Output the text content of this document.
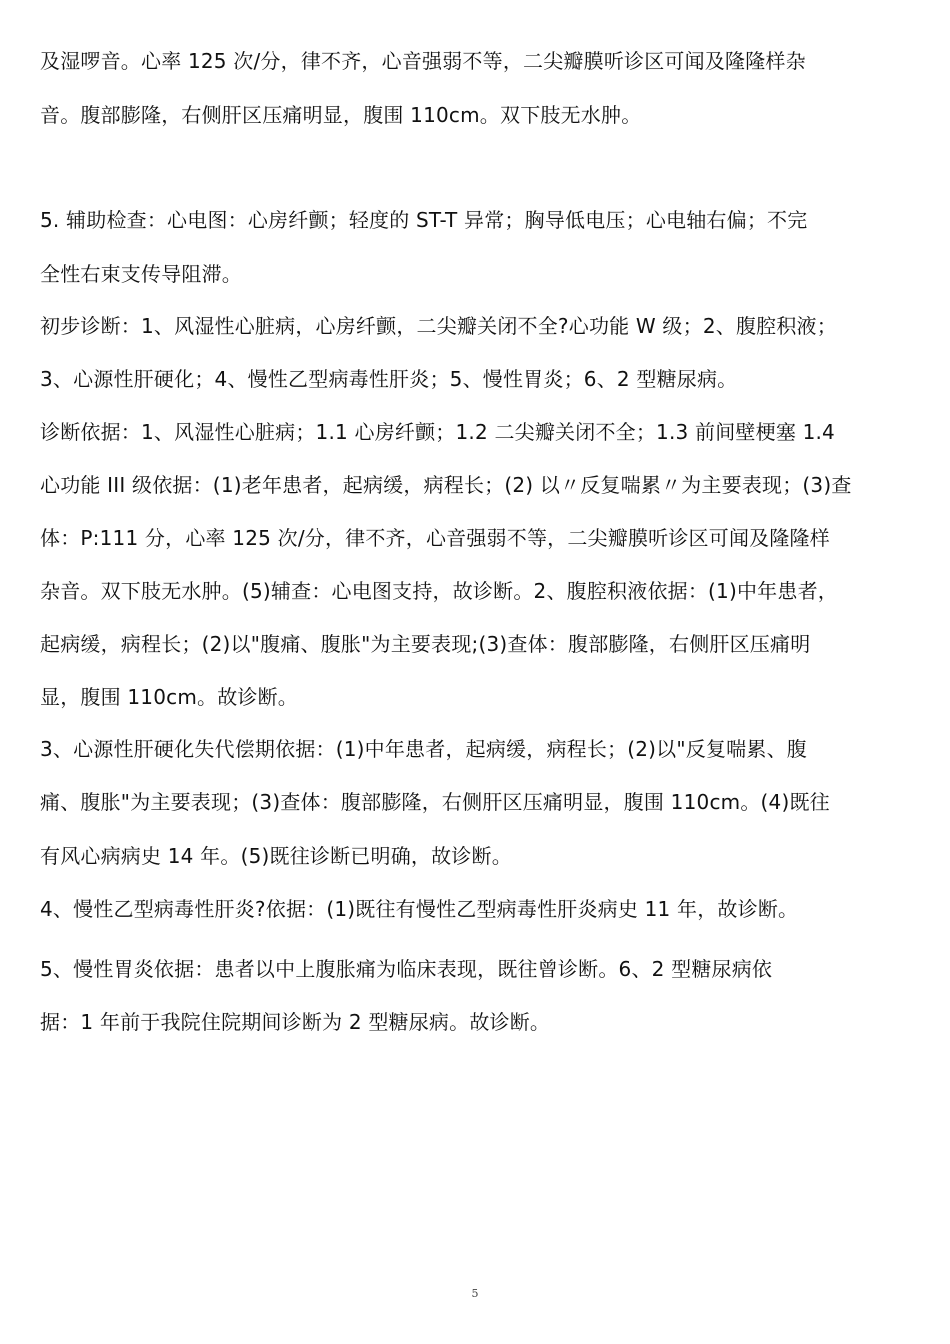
及湿啰音。心率 125 次/分，律不齐，心音强弱不等，二尖瓣膜听诊区可闻及隆隆样杂
音。腹部膨隆，右侧肝区压痛明显，腹围 110cm。双下肢无水肿。
5. 辅助检查：心电图：心房纤颤；轻度的 ST-T 异常；胸导低电压；心电轴右偏；不完
全性右束支传导阻滞。
初步诊断：1、风湿性心脏病，心房纤颤，二尖瓣关闭不全?心功能 W 级；2、腹腔积液；
3、心源性肝硬化；4、慢性乙型病毒性肝炎；5、慢性胃炎；6、2 型糖尿病。
诊断依据：1、风湿性心脏病；1.1 心房纤颤；1.2 二尖瓣关闭不全；1.3 前间壁梗塞 1.4
心功能 III 级依据：(1)老年患者，起病缓，病程长；(2) 以〃反复喘累〃为主要表现；(3)查
体：P:111 分，心率 125 次/分，律不齐，心音强弱不等，二尖瓣膜听诊区可闻及隆隆样
杂音。双下肢无水肿。(5)辅查：心电图支持，故诊断。2、腹腔积液依据：(1)中年患者，
起病缓，病程长；(2)以"腹痛、腹胀"为主要表现;(3)查体：腹部膨隆，右侧肝区压痛明
显，腹围 110cm。故诊断。
3、心源性肝硬化失代偿期依据：(1)中年患者，起病缓，病程长；(2)以"反复喘累、腹
痛、腹胀"为主要表现；(3)查体：腹部膨隆，右侧肝区压痛明显，腹围 110cm。(4)既往
有风心病病史 14 年。(5)既往诊断已明确，故诊断。
4、慢性乙型病毒性肝炎?依据：(1)既往有慢性乙型病毒性肝炎病史 11 年，故诊断。
5、慢性胃炎依据：患者以中上腹胀痛为临床表现，既往曾诊断。6、2 型糖尿病依
据：1 年前于我院住院期间诊断为 2 型糖尿病。故诊断。
5
